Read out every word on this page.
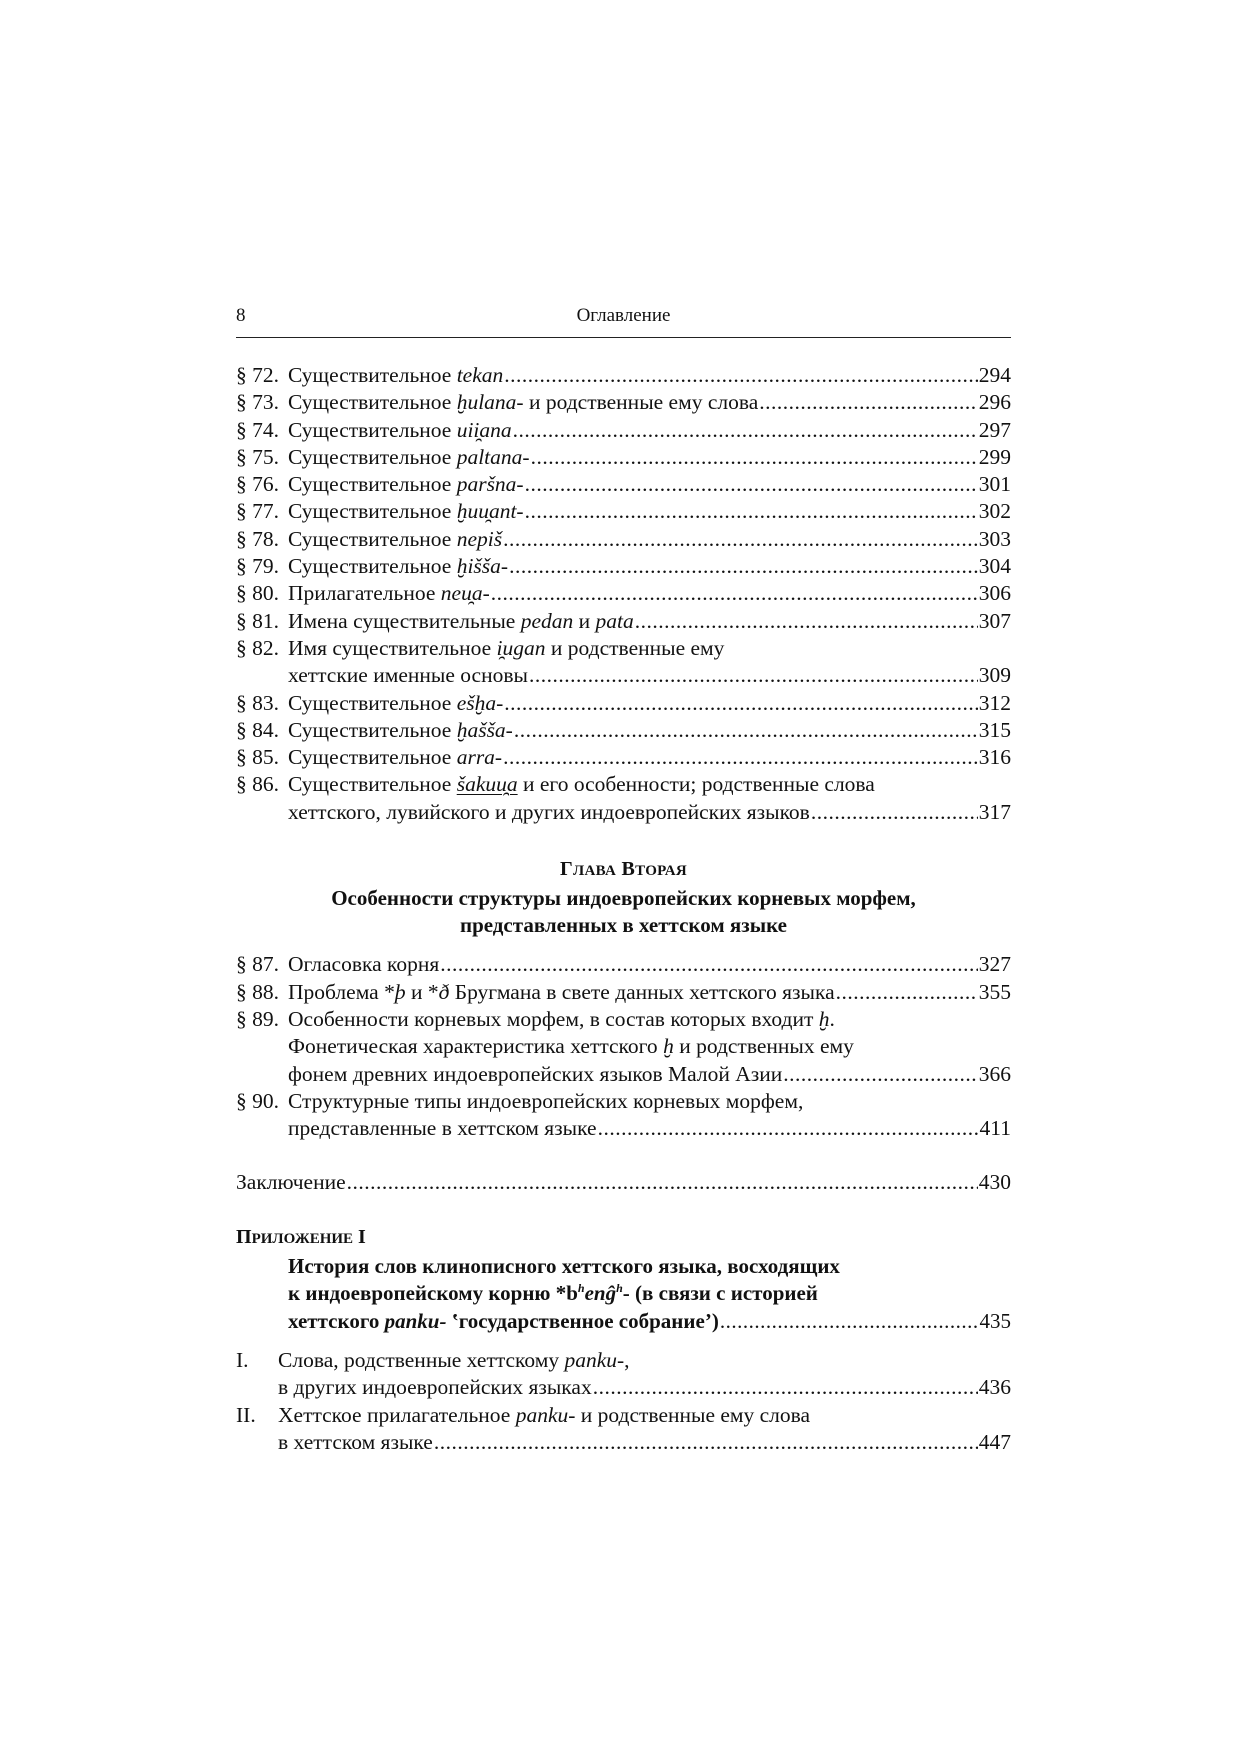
8	Оглавление
§ 72. Существительное tekan .....	294
§ 73. Существительное ḫulana- и родственные ему слова .....	296
§ 74. Существительное uii̯ana .....	297
§ 75. Существительное paltana- .....	299
§ 76. Существительное paršna- .....	301
§ 77. Существительное ḫuu̯ant- .....	302
§ 78. Существительное nepiš .....	303
§ 79. Существительное ḫišša- .....	304
§ 80. Прилагательное neu̯a- .....	306
§ 81. Имена существительные pedan и pata .....	307
§ 82. Имя существительное i̯ugan и родственные ему
хеттские именные основы .....	309
§ 83. Существительное ešḫa- .....	312
§ 84. Существительное ḫašša- .....	315
§ 85. Существительное arra- .....	316
§ 86. Существительное šakuu̯a и его особенности; родственные слова
хеттского, лувийского и других индоевропейских языков .....	317
ГЛАВА ВТОРАЯ
Особенности структуры индоевропейских корневых морфем,
представленных в хеттском языке
§ 87. Огласовка корня .....	327
§ 88. Проблема *þ и *ð Бругмана в свете данных хеттского языка .....	355
§ 89. Особенности корневых морфем, в состав которых входит ḫ.
Фонетическая характеристика хеттского ḫ и родственных ему
фонем древних индоевропейских языков Малой Азии .....	366
§ 90. Структурные типы индоевропейских корневых морфем,
представленные в хеттском языке .....	411
Заключение .....	430
ПРИЛОЖЕНИЕ I
История слов клинописного хеттского языка, восходящих
к индоевропейскому корню $*b^henĝ^h-$ (в связи с историей
хеттского panku- ʽгосударственное собрание’) .....	435
I.	Слова, родственные хеттскому panku-,
в других индоевропейских языках .....	436
II.	Хеттское прилагательное panku- и родственные ему слова
в хеттском языке .....	447
